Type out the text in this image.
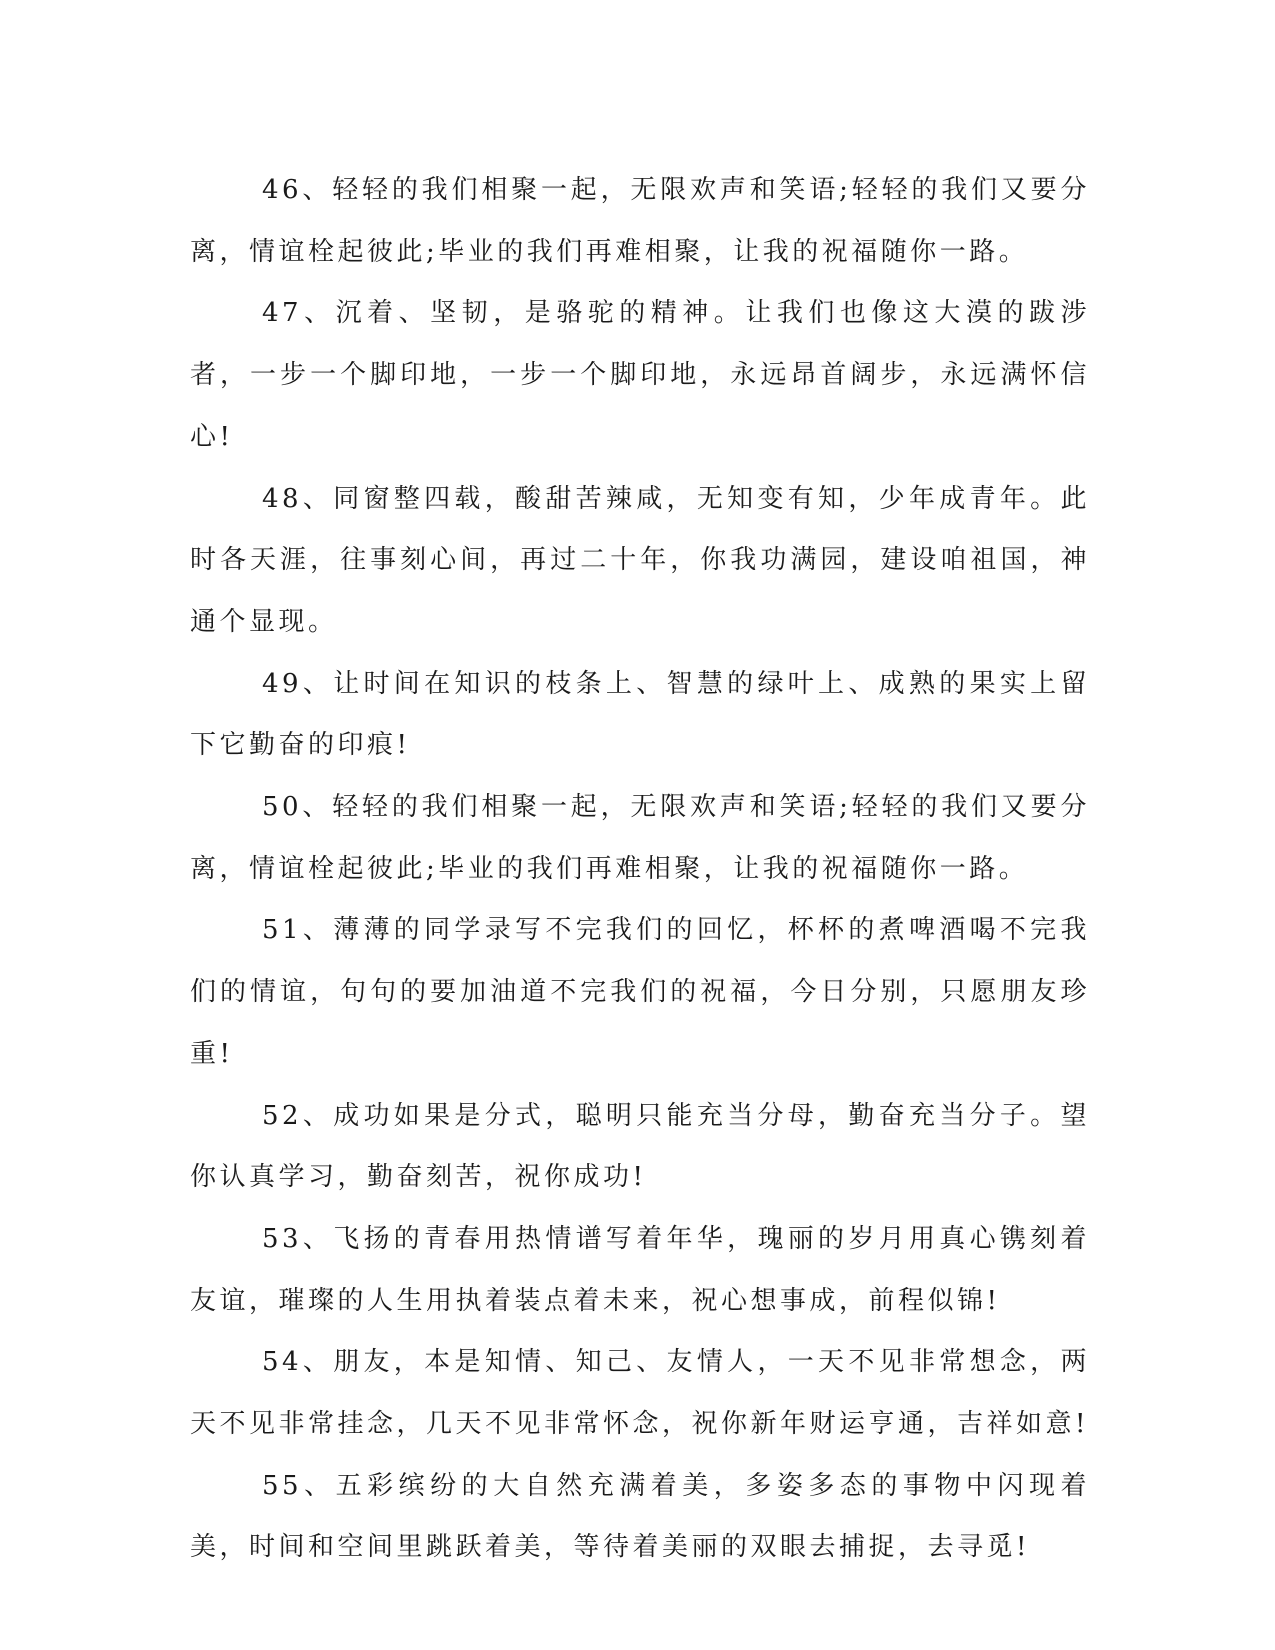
46、轻轻的我们相聚一起，无限欢声和笑语;轻轻的我们又要分离，情谊栓起彼此;毕业的我们再难相聚，让我的祝福随你一路。

47、沉着、坚韧，是骆驼的精神。让我们也像这大漠的跋涉者，一步一个脚印地，一步一个脚印地，永远昂首阔步，永远满怀信心!

48、同窗整四载，酸甜苦辣咸，无知变有知，少年成青年。此时各天涯，往事刻心间，再过二十年，你我功满园，建设咱祖国，神通个显现。

49、让时间在知识的枝条上、智慧的绿叶上、成熟的果实上留下它勤奋的印痕!

50、轻轻的我们相聚一起，无限欢声和笑语;轻轻的我们又要分离，情谊栓起彼此;毕业的我们再难相聚，让我的祝福随你一路。

51、薄薄的同学录写不完我们的回忆，杯杯的煮啤酒喝不完我们的情谊，句句的要加油道不完我们的祝福，今日分别，只愿朋友珍重!

52、成功如果是分式，聪明只能充当分母，勤奋充当分子。望你认真学习，勤奋刻苦，祝你成功!

53、飞扬的青春用热情谱写着年华，瑰丽的岁月用真心镌刻着友谊，璀璨的人生用执着装点着未来，祝心想事成，前程似锦!

54、朋友，本是知情、知己、友情人，一天不见非常想念，两天不见非常挂念，几天不见非常怀念，祝你新年财运亨通，吉祥如意!

55、五彩缤纷的大自然充满着美，多姿多态的事物中闪现着美，时间和空间里跳跃着美，等待着美丽的双眼去捕捉，去寻觅!
